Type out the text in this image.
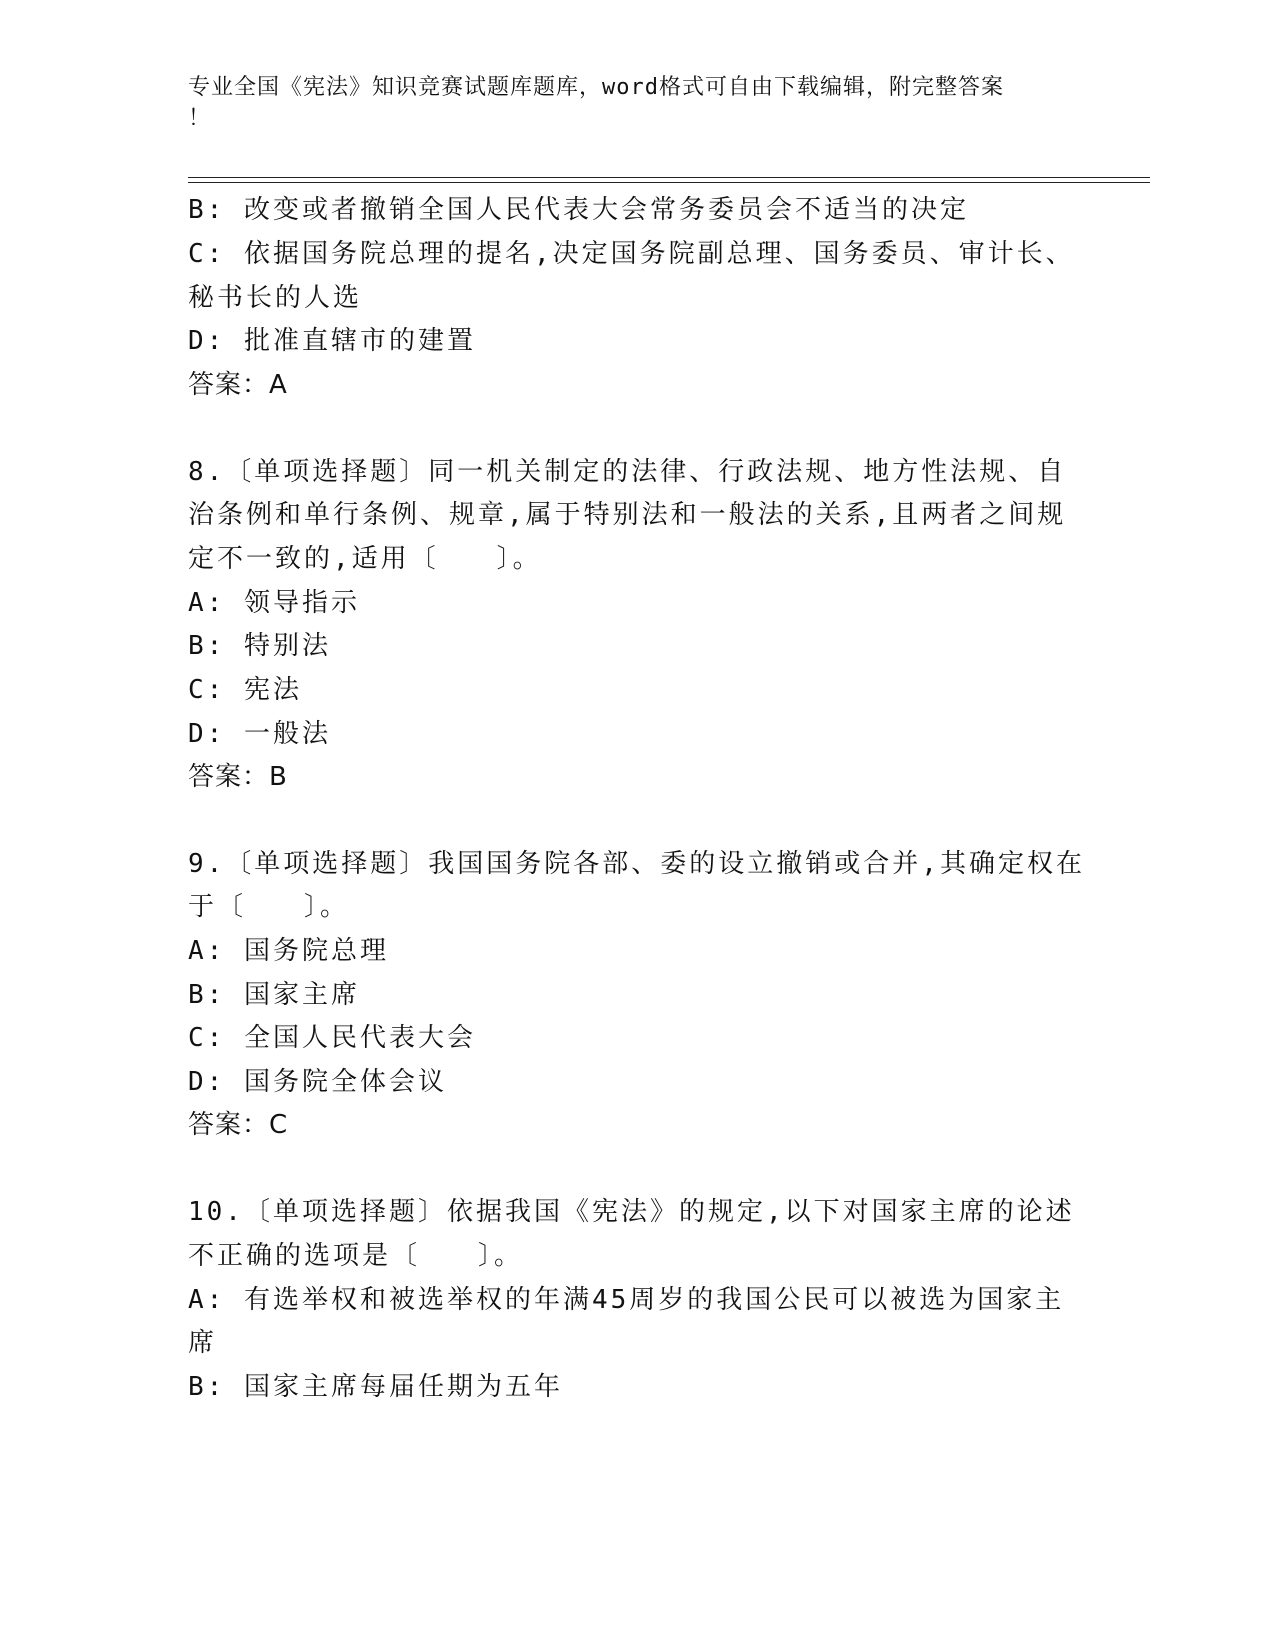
专业全国《宪法》知识竞赛试题库题库，word格式可自由下载编辑，附完整答案
！
B: 改变或者撤销全国人民代表大会常务委员会不适当的决定
C: 依据国务院总理的提名,决定国务院副总理、国务委员、审计长、
秘书长的人选
D: 批准直辖市的建置
答案：A
8.〔单项选择题〕同一机关制定的法律、行政法规、地方性法规、自
治条例和单行条例、规章,属于特别法和一般法的关系,且两者之间规
定不一致的,适用〔　　〕。
A: 领导指示
B: 特别法
C: 宪法
D: 一般法
答案：B
9.〔单项选择题〕我国国务院各部、委的设立撤销或合并,其确定权在
于〔　　〕。
A: 国务院总理
B: 国家主席
C: 全国人民代表大会
D: 国务院全体会议
答案：C
10.〔单项选择题〕依据我国《宪法》的规定,以下对国家主席的论述
不正确的选项是〔　　〕。
A: 有选举权和被选举权的年满45周岁的我国公民可以被选为国家主
席
B: 国家主席每届任期为五年
